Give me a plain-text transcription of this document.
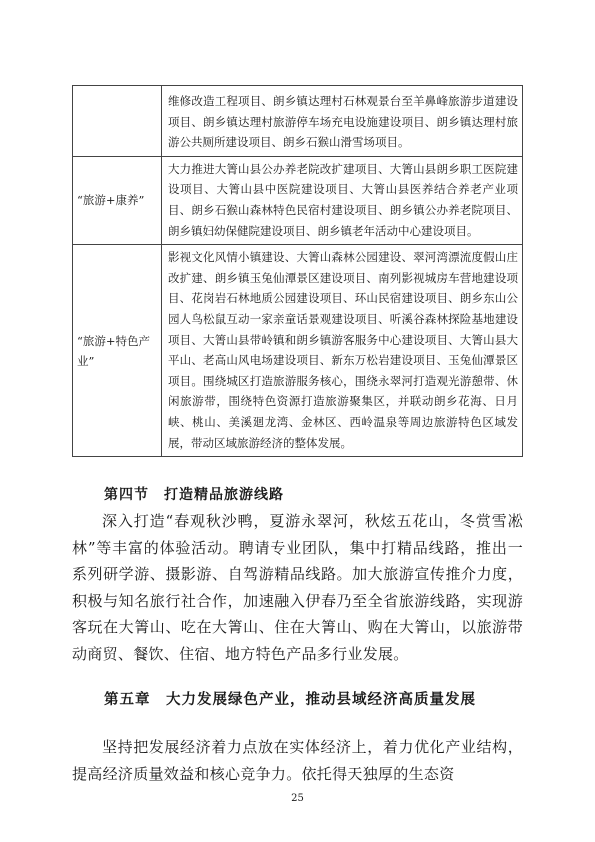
	维修改造工程项目、朗乡镇达理村石林观景台至羊鼻峰旅游步道建设项目、朗乡镇达理村旅游停车场充电设施建设项目、朗乡镇达理村旅游公共厕所建设项目、朗乡石猴山滑雪场项目。
“旅游+康养”	大力推进大箐山县公办养老院改扩建项目、大箐山县朗乡职工医院建设项目、大箐山县中医院建设项目、大箐山县医养结合养老产业项目、朗乡石猴山森林特色民宿村建设项目、朗乡镇公办养老院项目、朗乡镇妇幼保健院建设项目、朗乡镇老年活动中心建设项目。
“旅游+特色产业”	影视文化风情小镇建设、大箐山森林公园建设、翠河湾漂流度假山庄改扩建、朗乡镇玉兔仙潭景区建设项目、南列影视城房车营地建设项目、花岗岩石林地质公园建设项目、环山民宿建设项目、朗乡东山公园人鸟松鼠互动一家亲童话景观建设项目、听溪谷森林探险基地建设项目、大箐山县带岭镇和朗乡镇游客服务中心建设项目、大箐山县大平山、老高山风电场建设项目、新东万松岩建设项目、玉兔仙潭景区项目。围绕城区打造旅游服务核心，围绕永翠河打造观光游憩带、休闲旅游带，围绕特色资源打造旅游聚集区，并联动朗乡花海、日月峡、桃山、美溪廻龙湾、金林区、西岭温泉等周边旅游特色区域发展，带动区域旅游经济的整体发展。
第四节　打造精品旅游线路

深入打造“春观秋沙鸭，夏游永翠河，秋炫五花山，冬赏雪凇林”等丰富的体验活动。聘请专业团队，集中打精品线路，推出一系列研学游、摄影游、自驾游精品线路。加大旅游宣传推介力度，积极与知名旅行社合作，加速融入伊春乃至全省旅游线路，实现游客玩在大箐山、吃在大箐山、住在大箐山、购在大箐山，以旅游带动商贸、餐饮、住宿、地方特色产品多行业发展。

第五章　大力发展绿色产业，推动县域经济高质量发展

坚持把发展经济着力点放在实体经济上，着力优化产业结构，提高经济质量效益和核心竞争力。依托得天独厚的生态资

25
